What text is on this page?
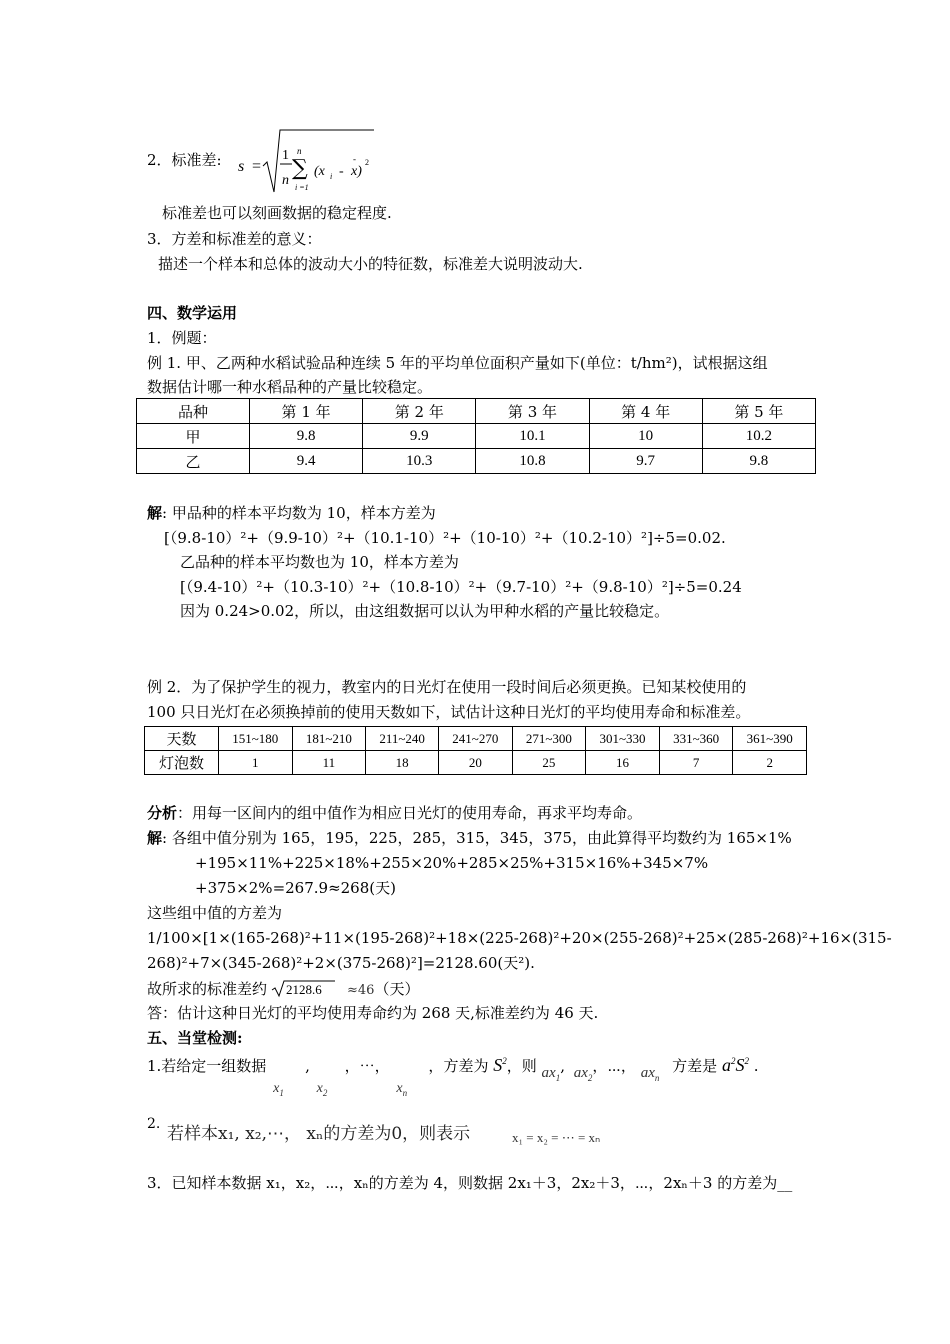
2．标准差: s =
1
n ∑
n
i =1
(x i -
-
x)
2
标准差也可以刻画数据的稳定程度.
3．方差和标准差的意义：
描述一个样本和总体的波动大小的特征数，标准差大说明波动大.
四、数学运用
1．例题：
例 1. 甲、乙两种水稻试验品种连续 5 年的平均单位面积产量如下(单位：t/hm²)，试根据这组
数据估计哪一种水稻品种的产量比较稳定。
品种	第 1 年	第 2 年	第 3 年	第 4 年	第 5 年
甲	9.8	9.9	10.1	10	10.2
乙	9.4	10.3	10.8	9.7	9.8
解: 甲品种的样本平均数为 10，样本方差为
[（9.8-10）²+（9.9-10）²+（10.1-10）²+（10-10）²+（10.2-10）²]÷5=0.02.
乙品种的样本平均数也为 10，样本方差为
[（9.4-10）²+（10.3-10）²+（10.8-10）²+（9.7-10）²+（9.8-10）²]÷5=0.24
因为 0.24>0.02，所以，由这组数据可以认为甲种水稻的产量比较稳定。
例 2．为了保护学生的视力，教室内的日光灯在使用一段时间后必须更换。已知某校使用的
100 只日光灯在必须换掉前的使用天数如下，试估计这种日光灯的平均使用寿命和标准差。
天数	151~180	181~210	211~240	241~270	271~300	301~330	331~360	361~390
灯泡数	1	11	18	20	25	16	7	2
分析：用每一区间内的组中值作为相应日光灯的使用寿命，再求平均寿命。
解: 各组中值分别为 165，195，225，285，315，345，375，由此算得平均数约为 165×1%
+195×11%+225×18%+255×20%+285×25%+315×16%+345×7%
+375×2%=267.9≈268(天)
这些组中值的方差为
1/100×[1×(165-268)²+11×(195-268)²+18×(225-268)²+20×(255-268)²+25×(285-268)²+16×(315-
268)²+7×(345-268)²+2×(375-268)²]=2128.60(天²).
故所求的标准差约 2128.6 ≈46（天）
答：估计这种日光灯的平均使用寿命约为 268 天,标准差约为 46 天.
五、当堂检测:
1.若给定一组数据
$x_1$
,
$x_2$
，⋯，
$x_n$
，方差为 $S^2$，则 $ax_1$, $ax_2$，⋯， $ax_n$ 方差是 $a^2S^2$ .
2. 若样本x₁, x₂,⋯， xₙ的方差为0，则表示	x₁ = x₂ = ⋯ = xₙ
3．已知样本数据 x₁，x₂，⋯，xₙ的方差为 4，则数据 2x₁＋3，2x₂＋3，⋯，2xₙ＋3 的方差为__
